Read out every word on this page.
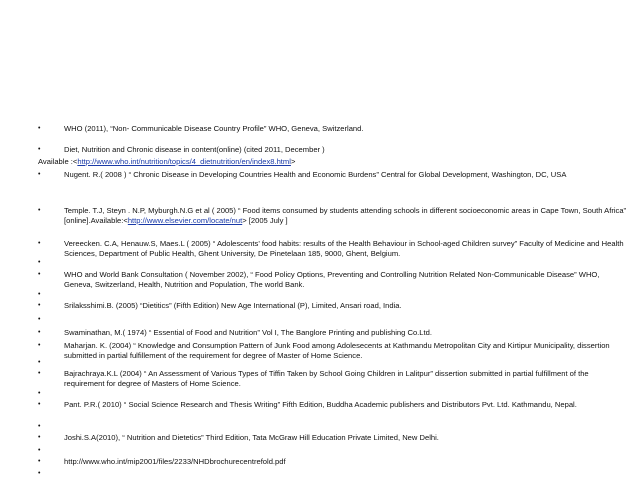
•	WHO (2011), “Non- Communicable Disease Country Profile” WHO, Geneva, Switzerland.
•	Diet, Nutrition and Chronic disease in content(online) (cited 2011, December )
Available :<http://www.who.int/nutrition/topics/4_dietnutrition/en/index8.html>
•	Nugent. R.( 2008 ) “ Chronic Disease in Developing Countries Health and Economic Burdens” Central for Global Development, Washington, DC, USA
•	Temple. T.J, Steyn . N.P, Myburgh.N.G et al ( 2005) “ Food items consumed by students attending schools in different socioeconomic areas in Cape Town, South Africa” [online].Available:<http://www.elsevier.com/locate/nut> [2005 July ]
•	Vereecken. C.A, Henauw.S, Maes.L ( 2005) “ Adolescents’ food habits: results of the Health Behaviour in School-aged Children survey” Faculty of Medicine and Health Sciences, Department of Public Health, Ghent University, De Pinetelaan 185, 9000, Ghent, Belgium.
•
•	WHO and World Bank Consultation ( November 2002), “ Food Policy Options, Preventing and Controlling Nutrition Related Non-Communicable Disease” WHO, Geneva, Switzerland, Health, Nutrition and Population, The world Bank.
•
•	Srilaksshimi.B. (2005) “Dietitics” (Fifth Edition) New Age International (P), Limited, Ansari road, India.
•
•	Swaminathan, M.( 1974) “ Essential of Food and Nutrition” Vol I, The Banglore Printing and publishing Co.Ltd.
•	Maharjan. K. (2004) “ Knowledge and Consumption Pattern of Junk Food among Adolesecents at Kathmandu Metropolitan City and Kirtipur Municipality, dissertion submitted in partial fulfillement of the requirement for degree of Master of Home Science.
•
•	Bajrachraya.K.L (2004) “ An Assessment of Various Types of Tiffin Taken by School Going Children in Lalitpur” dissertion submitted in partial fulfillment of the requirement for degree of Masters of Home Science.
•
•	Pant. P.R.( 2010) “ Social Science Research and Thesis Writing” Fifth Edition, Buddha Academic publishers and Distributors Pvt. Ltd. Kathmandu, Nepal.
•
•	Joshi.S.A(2010), “ Nutrition and Dietetics” Third Edition, Tata McGraw Hill Education Private Limited, New Delhi.
•
•	http://www.who.int/mip2001/files/2233/NHDbrochurecentrefold.pdf
•
